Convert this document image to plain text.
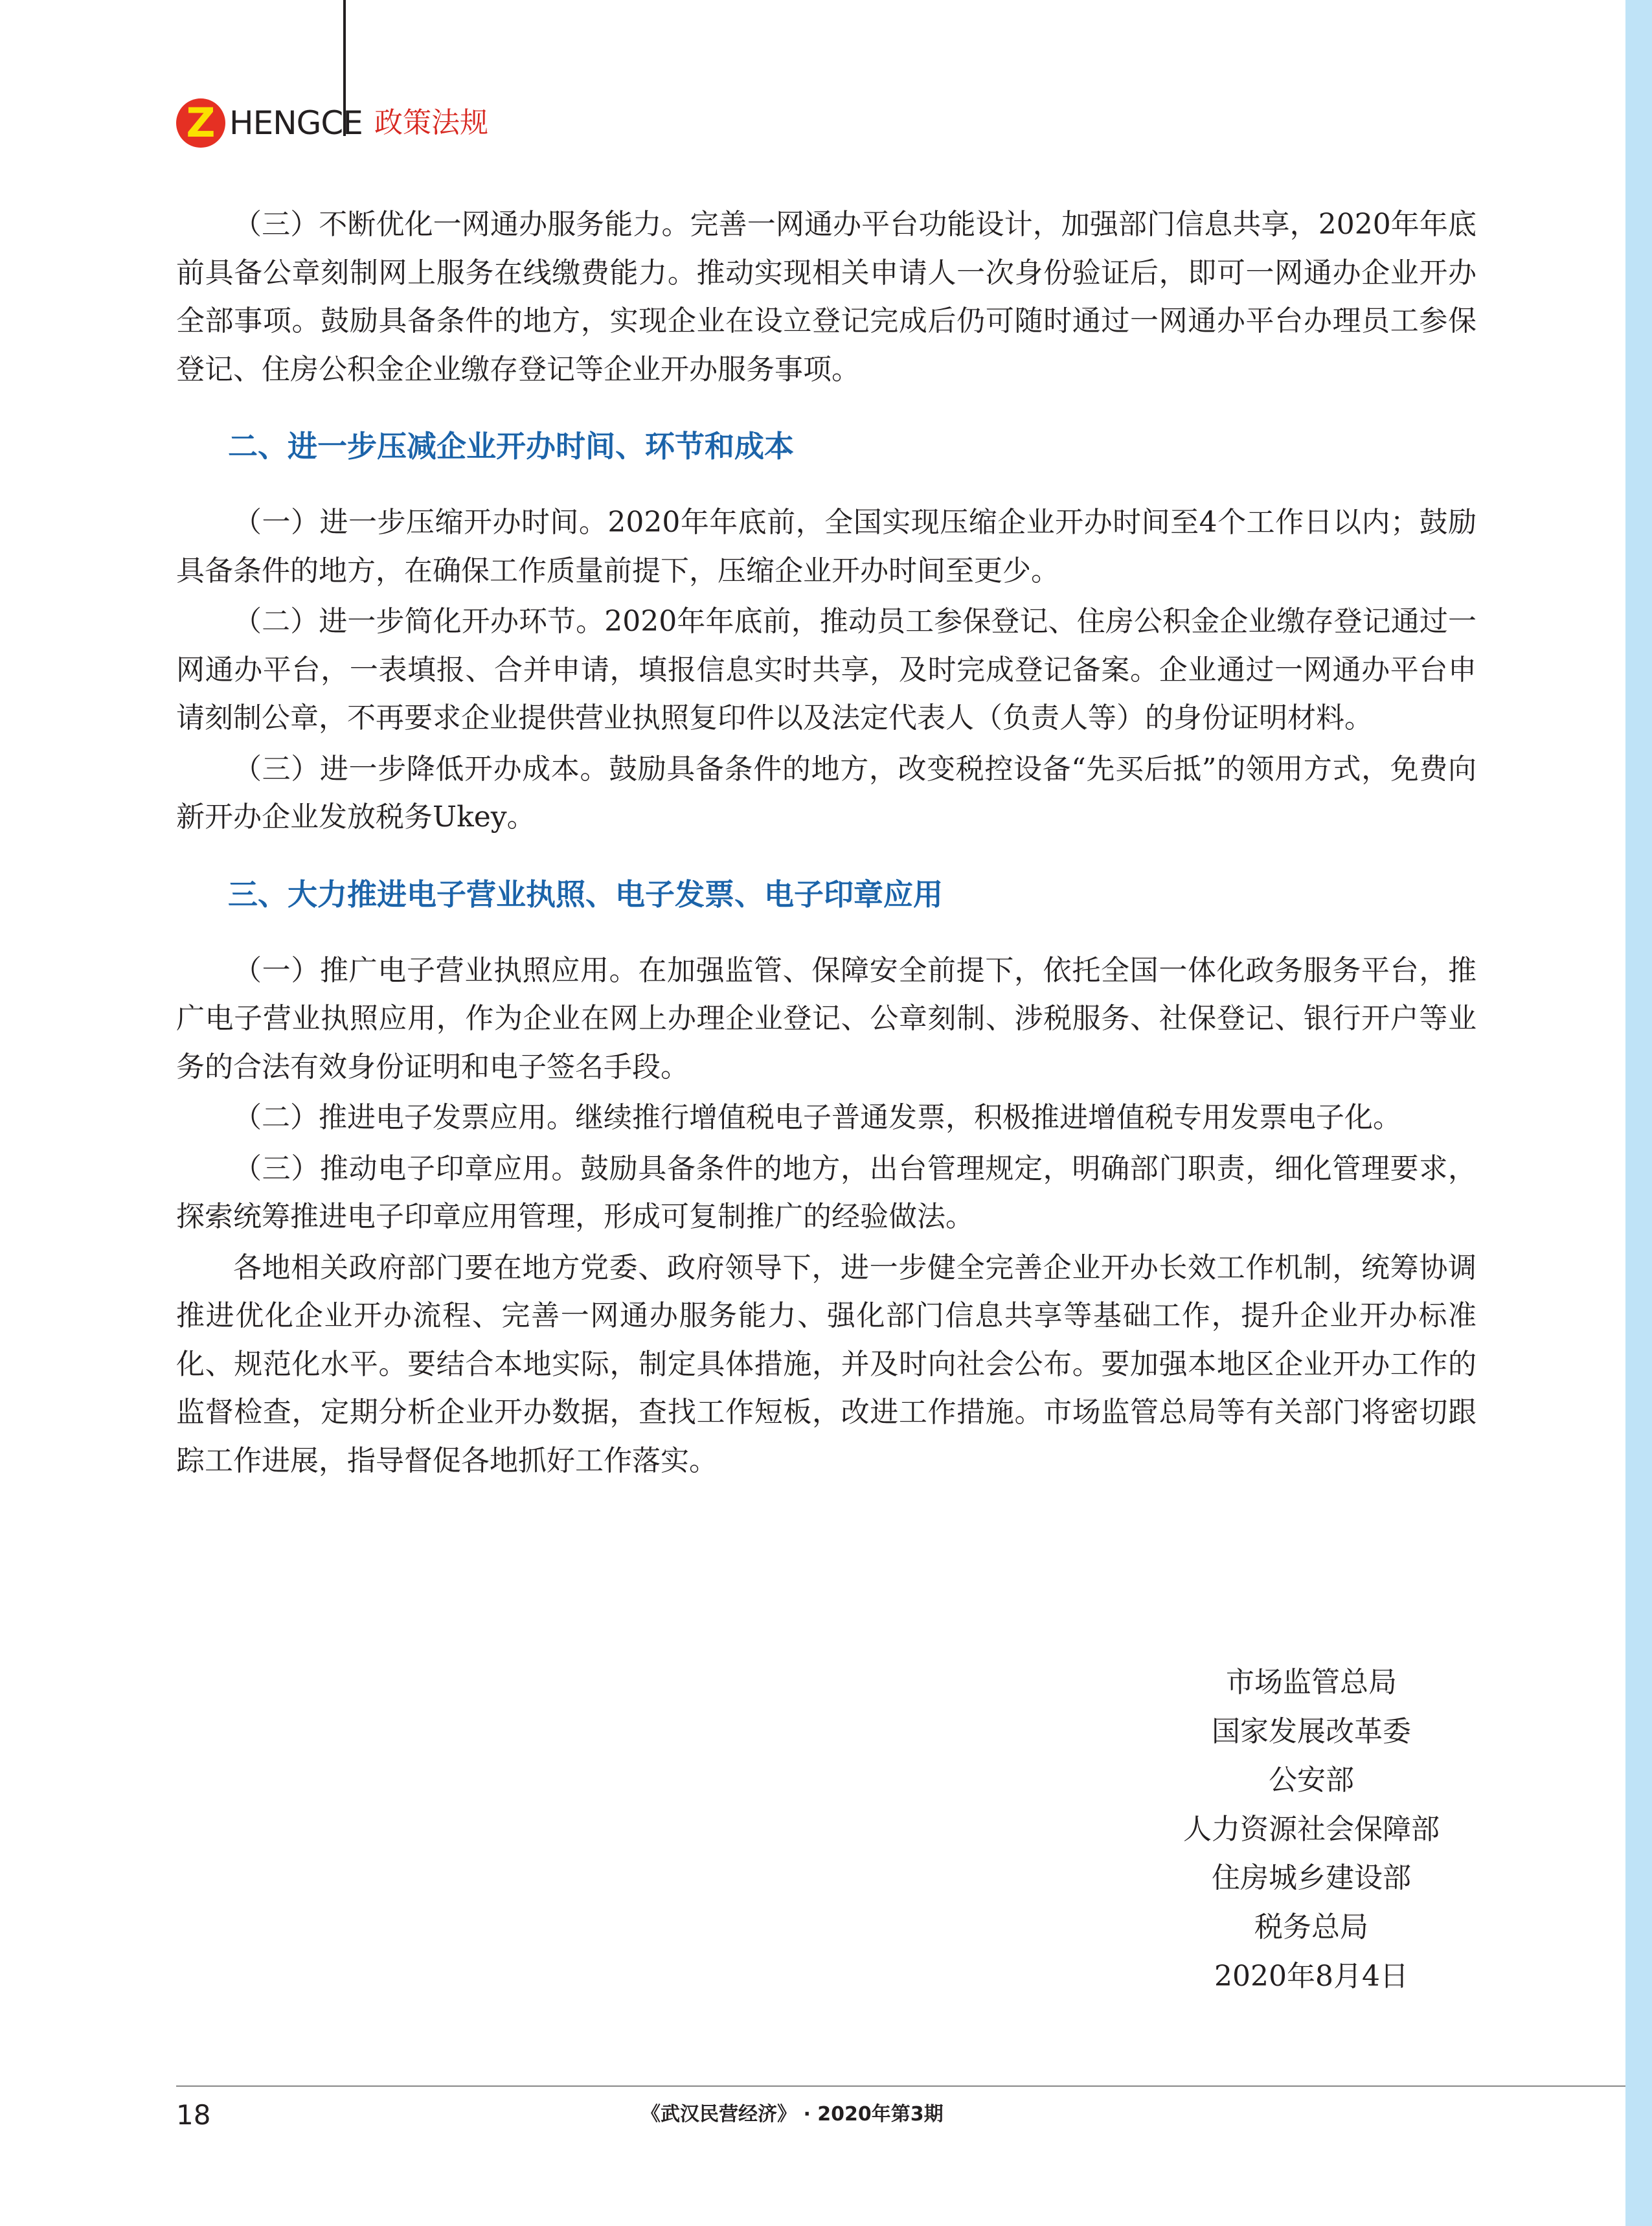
Z HENGCE 政策法规

（三）不断优化一网通办服务能力。完善一网通办平台功能设计，加强部门信息共享，2020年年底前具备公章刻制网上服务在线缴费能力。推动实现相关申请人一次身份验证后，即可一网通办企业开办全部事项。鼓励具备条件的地方，实现企业在设立登记完成后仍可随时通过一网通办平台办理员工参保登记、住房公积金企业缴存登记等企业开办服务事项。

二、进一步压减企业开办时间、环节和成本

（一）进一步压缩开办时间。2020年年底前，全国实现压缩企业开办时间至4个工作日以内；鼓励具备条件的地方，在确保工作质量前提下，压缩企业开办时间至更少。

（二）进一步简化开办环节。2020年年底前，推动员工参保登记、住房公积金企业缴存登记通过一网通办平台，一表填报、合并申请，填报信息实时共享，及时完成登记备案。企业通过一网通办平台申请刻制公章，不再要求企业提供营业执照复印件以及法定代表人（负责人等）的身份证明材料。

（三）进一步降低开办成本。鼓励具备条件的地方，改变税控设备“先买后抵”的领用方式，免费向新开办企业发放税务Ukey。

三、大力推进电子营业执照、电子发票、电子印章应用

（一）推广电子营业执照应用。在加强监管、保障安全前提下，依托全国一体化政务服务平台，推广电子营业执照应用，作为企业在网上办理企业登记、公章刻制、涉税服务、社保登记、银行开户等业务的合法有效身份证明和电子签名手段。

（二）推进电子发票应用。继续推行增值税电子普通发票，积极推进增值税专用发票电子化。

（三）推动电子印章应用。鼓励具备条件的地方，出台管理规定，明确部门职责，细化管理要求，探索统筹推进电子印章应用管理，形成可复制推广的经验做法。

各地相关政府部门要在地方党委、政府领导下，进一步健全完善企业开办长效工作机制，统筹协调推进优化企业开办流程、完善一网通办服务能力、强化部门信息共享等基础工作，提升企业开办标准化、规范化水平。要结合本地实际，制定具体措施，并及时向社会公布。要加强本地区企业开办工作的监督检查，定期分析企业开办数据，查找工作短板，改进工作措施。市场监管总局等有关部门将密切跟踪工作进展，指导督促各地抓好工作落实。

市场监管总局
国家发展改革委
公安部
人力资源社会保障部
住房城乡建设部
税务总局
2020年8月4日
18	《武汉民营经济》 · 2020年第3期
